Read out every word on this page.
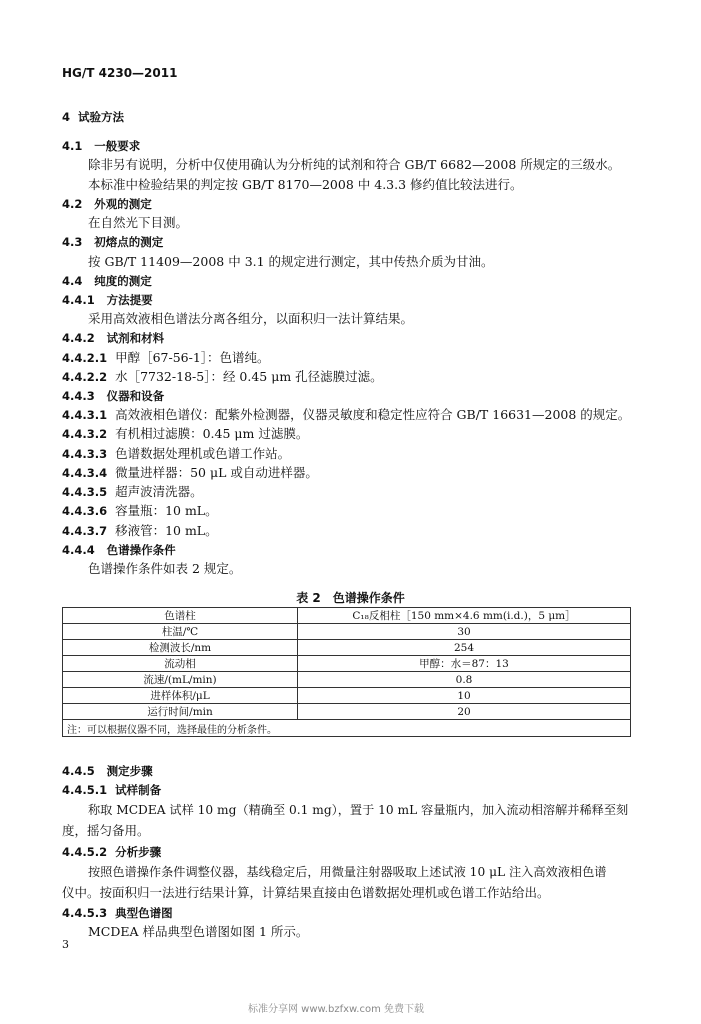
HG/T 4230—2011
4 试验方法
4.1 一般要求
除非另有说明，分析中仅使用确认为分析纯的试剂和符合 GB/T 6682—2008 所规定的三级水。
本标准中检验结果的判定按 GB/T 8170—2008 中 4.3.3 修约值比较法进行。
4.2 外观的测定
在自然光下目测。
4.3 初熔点的测定
按 GB/T 11409—2008 中 3.1 的规定进行测定，其中传热介质为甘油。
4.4 纯度的测定
4.4.1 方法提要
采用高效液相色谱法分离各组分，以面积归一法计算结果。
4.4.2 试剂和材料
4.4.2.1 甲醇［67-56-1］：色谱纯。
4.4.2.2 水［7732-18-5］：经 0.45 μm 孔径滤膜过滤。
4.4.3 仪器和设备
4.4.3.1 高效液相色谱仪：配紫外检测器，仪器灵敏度和稳定性应符合 GB/T 16631—2008 的规定。
4.4.3.2 有机相过滤膜：0.45 μm 过滤膜。
4.4.3.3 色谱数据处理机或色谱工作站。
4.4.3.4 微量进样器：50 μL 或自动进样器。
4.4.3.5 超声波清洗器。
4.4.3.6 容量瓶：10 mL。
4.4.3.7 移液管：10 mL。
4.4.4 色谱操作条件
色谱操作条件如表 2 规定。
表 2　色谱操作条件
色谱柱	C₁₈反相柱［150 mm×4.6 mm(i.d.)，5 μm］
柱温/℃	30
检测波长/nm	254
流动相	甲醇：水＝87：13
流速/(mL/min)	0.8
进样体积/μL	10
运行时间/min	20
注：可以根据仪器不同，选择最佳的分析条件。	
4.4.5 测定步骤
4.4.5.1 试样制备
称取 MCDEA 试样 10 mg（精确至 0.1 mg），置于 10 mL 容量瓶内，加入流动相溶解并稀释至刻
度，摇匀备用。
4.4.5.2 分析步骤
按照色谱操作条件调整仪器，基线稳定后，用微量注射器吸取上述试液 10 μL 注入高效液相色谱
仪中。按面积归一法进行结果计算，计算结果直接由色谱数据处理机或色谱工作站给出。
4.4.5.3 典型色谱图
MCDEA 样品典型色谱图如图 1 所示。
3
标准分享网 www.bzfxw.com 免费下载
